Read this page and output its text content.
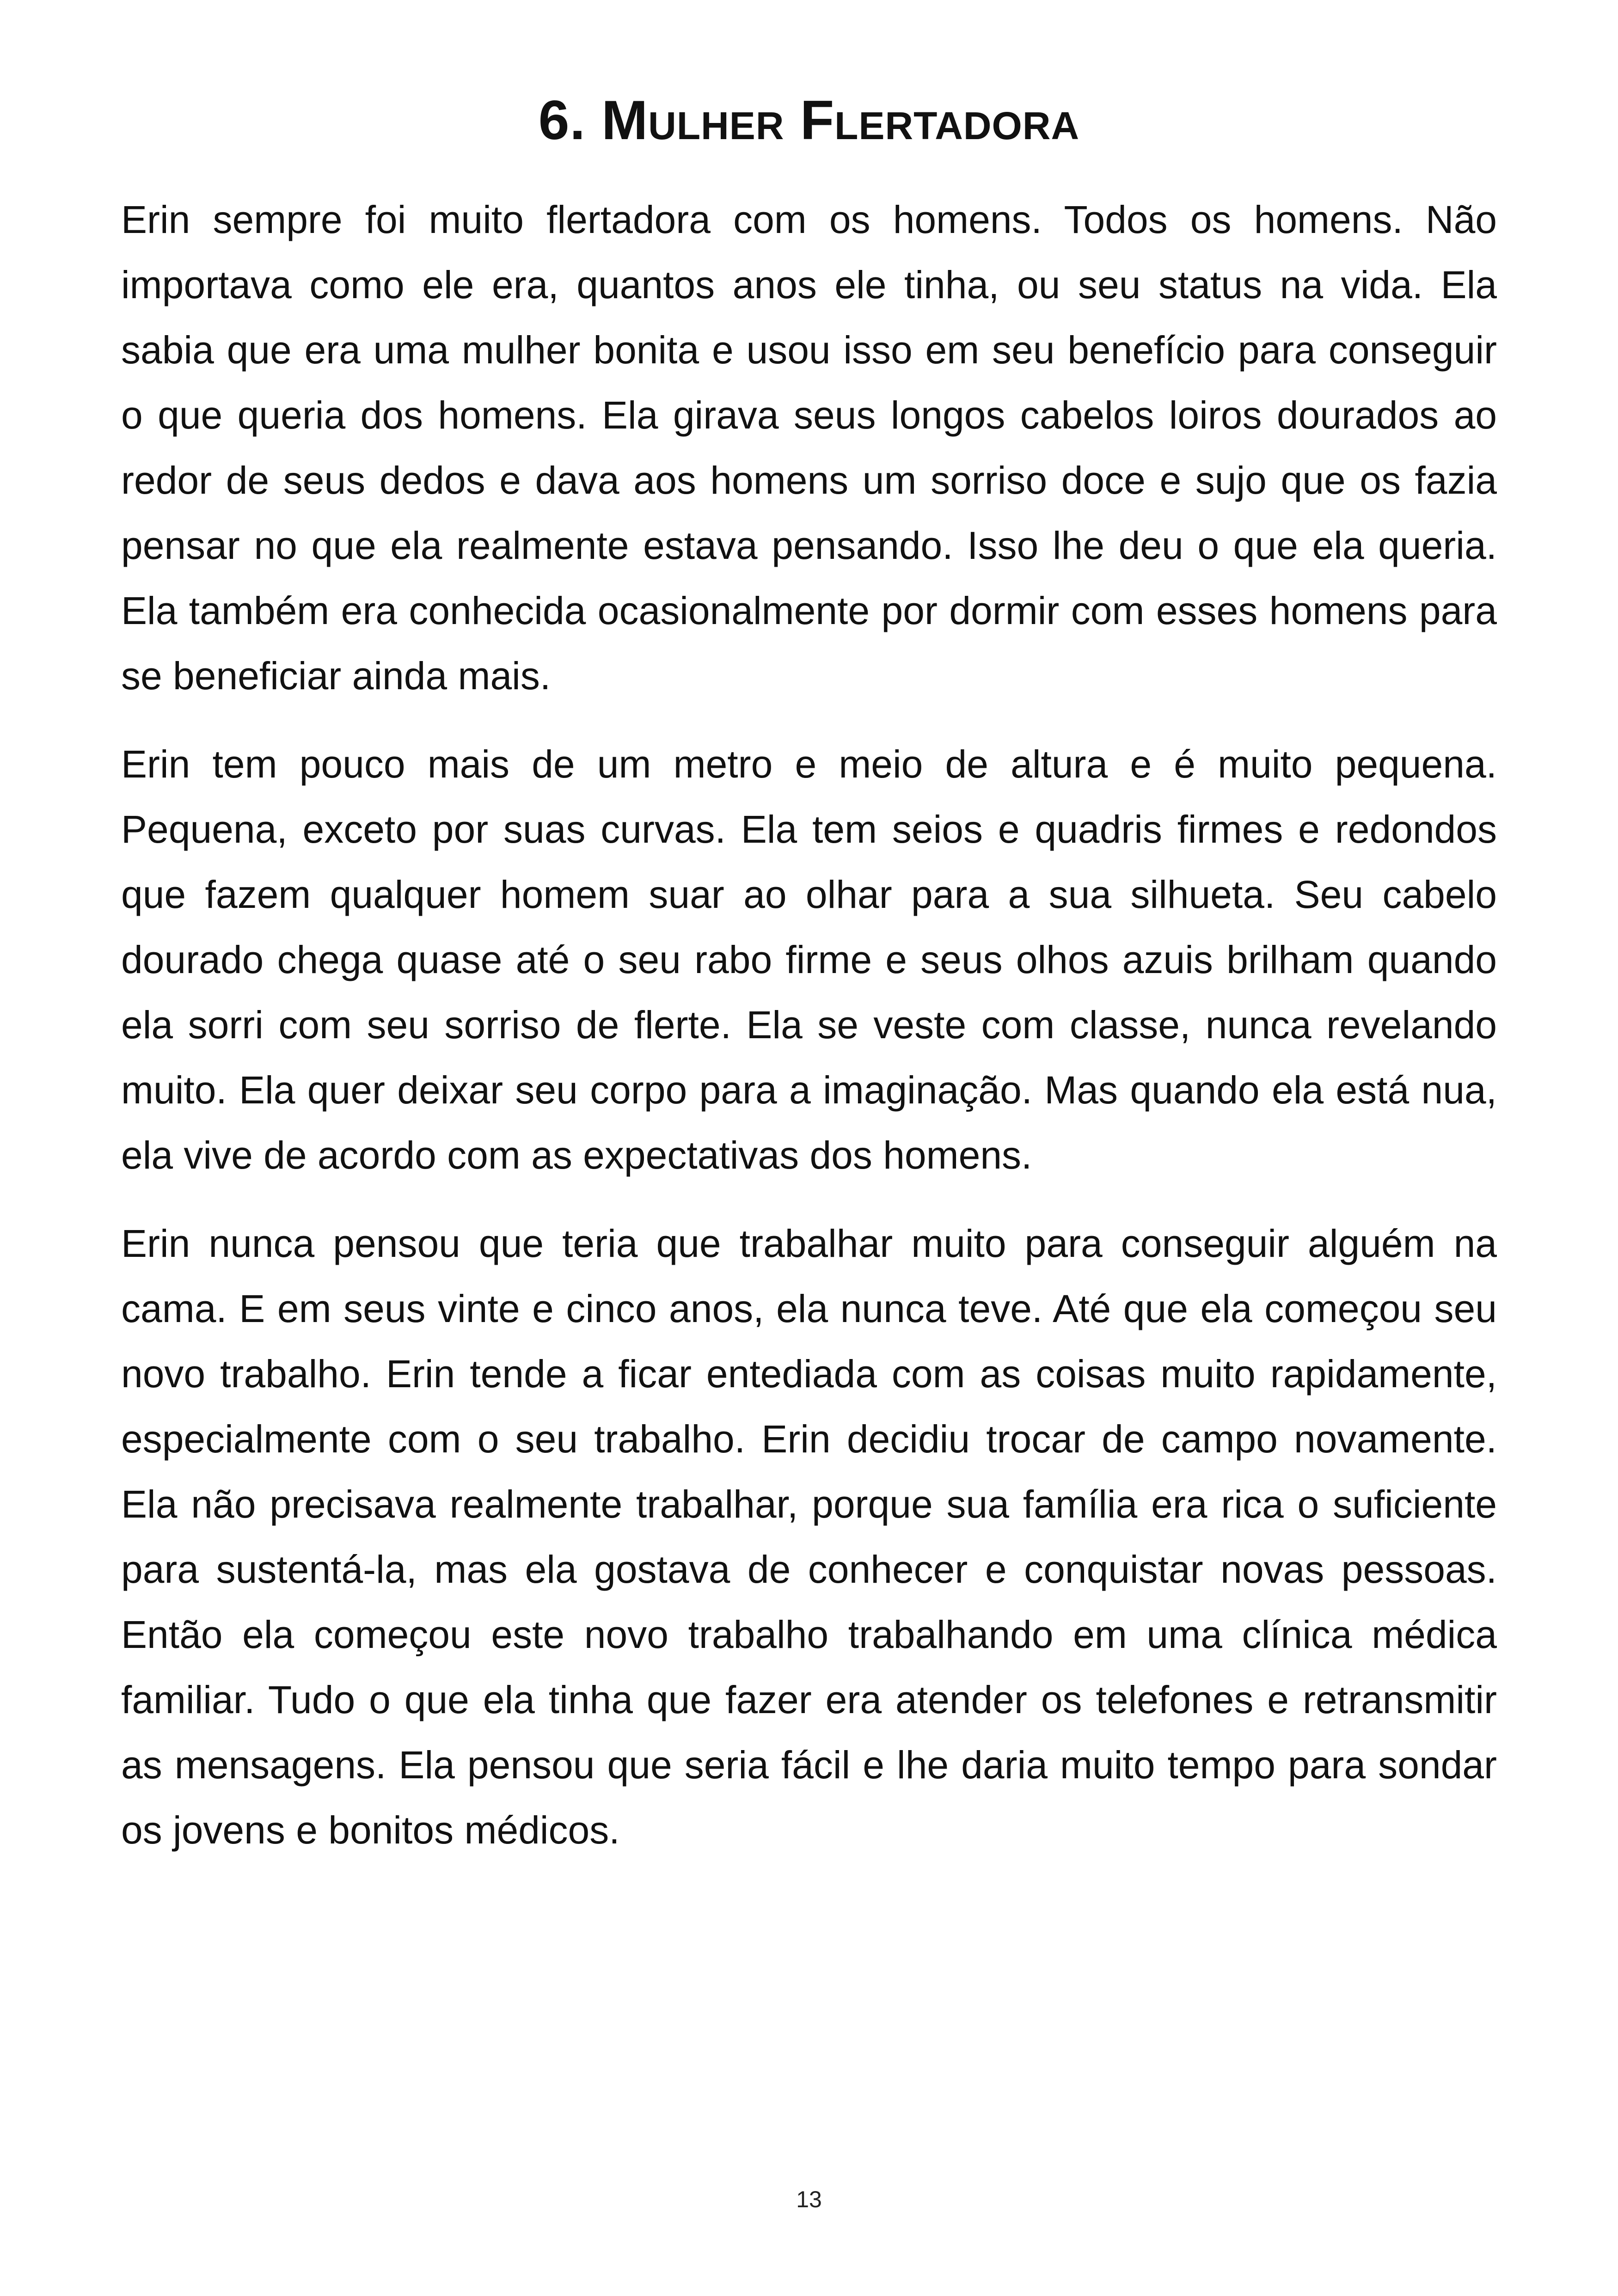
6. Mulher Flertadora

Erin sempre foi muito flertadora com os homens. Todos os homens. Não importava como ele era, quantos anos ele tinha, ou seu status na vida. Ela sabia que era uma mulher bonita e usou isso em seu benefício para conseguir o que queria dos homens. Ela girava seus longos cabelos loiros dourados ao redor de seus dedos e dava aos homens um sorriso doce e sujo que os fazia pensar no que ela realmente estava pensando. Isso lhe deu o que ela queria. Ela também era conhecida ocasionalmente por dormir com esses homens para se beneficiar ainda mais.

Erin tem pouco mais de um metro e meio de altura e é muito pequena. Pequena, exceto por suas curvas. Ela tem seios e quadris firmes e redondos que fazem qualquer homem suar ao olhar para a sua silhueta. Seu cabelo dourado chega quase até o seu rabo firme e seus olhos azuis brilham quando ela sorri com seu sorriso de flerte. Ela se veste com classe, nunca revelando muito. Ela quer deixar seu corpo para a imaginação. Mas quando ela está nua, ela vive de acordo com as expectativas dos homens.

Erin nunca pensou que teria que trabalhar muito para conseguir alguém na cama. E em seus vinte e cinco anos, ela nunca teve. Até que ela começou seu novo trabalho. Erin tende a ficar entediada com as coisas muito rapidamente, especialmente com o seu trabalho. Erin decidiu trocar de campo novamente. Ela não precisava realmente trabalhar, porque sua família era rica o suficiente para sustentá-la, mas ela gostava de conhecer e conquistar novas pessoas. Então ela começou este novo trabalho trabalhando em uma clínica médica familiar. Tudo o que ela tinha que fazer era atender os telefones e retransmitir as mensagens. Ela pensou que seria fácil e lhe daria muito tempo para sondar os jovens e bonitos médicos.

13
